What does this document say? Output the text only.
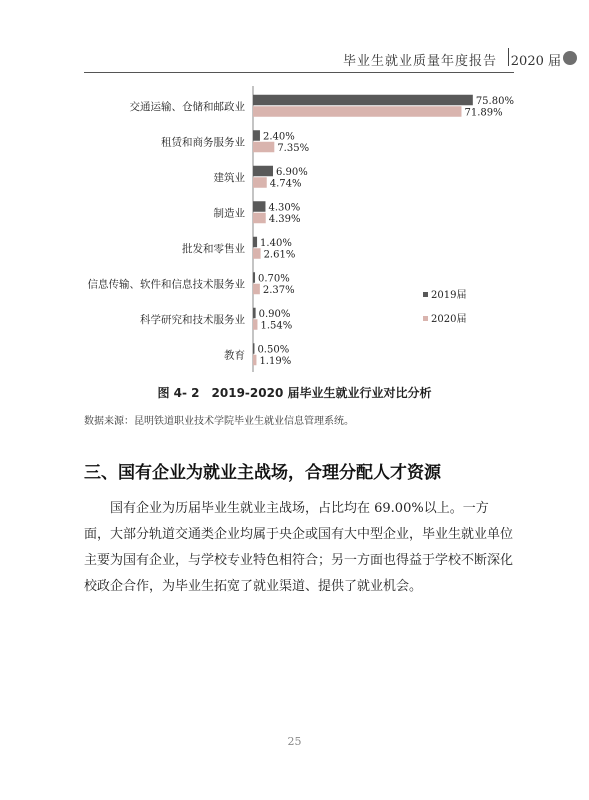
毕业生就业质量年度报告 2020 届
交通运输、仓储和邮政业	75.80%
71.89%
租赁和商务服务业 2.40%
7.35%
建筑业	6.90%
4.74%
制造业 4.30%
4.39%
批发和零售业 1.40%
2.61%
信息传输、软件和信息技术服务业 0.70%
2.37%
科学研究和技术服务业 0.90%
1.54%
教育 0.50%
1.19%
2019届
2020届
图 4- 2　2019-2020 届毕业生就业行业对比分析
数据来源：昆明铁道职业技术学院毕业生就业信息管理系统。
三、国有企业为就业主战场，合理分配人才资源

国有企业为历届毕业生就业主战场，占比均在 69.00%以上。一方面，大部分轨道交通类企业均属于央企或国有大中型企业，毕业生就业单位主要为国有企业，与学校专业特色相符合；另一方面也得益于学校不断深化校政企合作，为毕业生拓宽了就业渠道、提供了就业机会。

25
